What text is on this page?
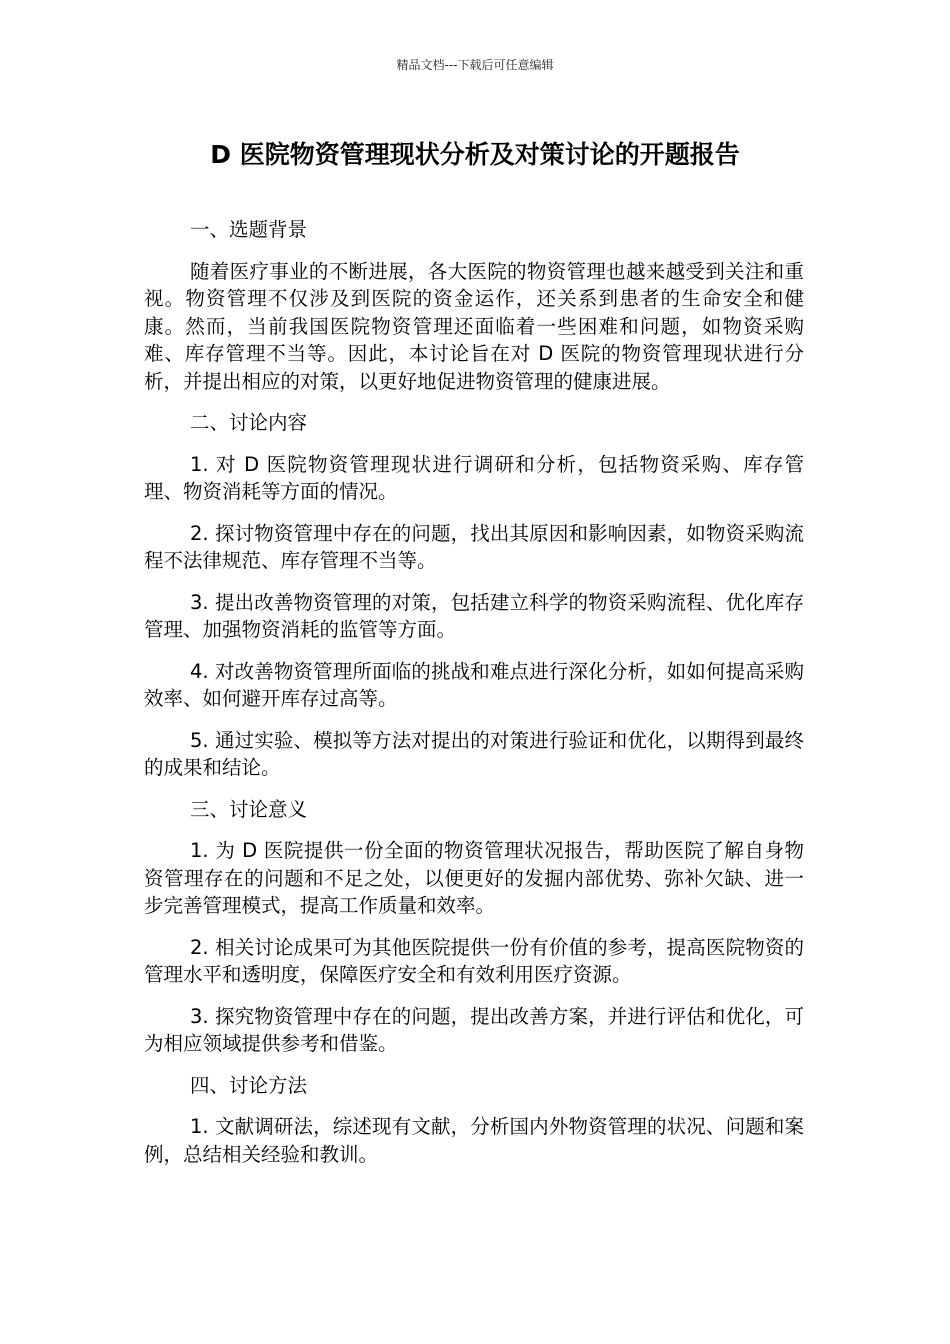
精品文档---下载后可任意编辑
D 医院物资管理现状分析及对策讨论的开题报告

一、选题背景

随着医疗事业的不断进展，各大医院的物资管理也越来越受到关注和重视。物资管理不仅涉及到医院的资金运作，还关系到患者的生命安全和健康。然而，当前我国医院物资管理还面临着一些困难和问题，如物资采购难、库存管理不当等。因此，本讨论旨在对 D 医院的物资管理现状进行分析，并提出相应的对策，以更好地促进物资管理的健康进展。

二、讨论内容

1. 对 D 医院物资管理现状进行调研和分析，包括物资采购、库存管理、物资消耗等方面的情况。

2. 探讨物资管理中存在的问题，找出其原因和影响因素，如物资采购流程不法律规范、库存管理不当等。

3. 提出改善物资管理的对策，包括建立科学的物资采购流程、优化库存管理、加强物资消耗的监管等方面。

4. 对改善物资管理所面临的挑战和难点进行深化分析，如如何提高采购效率、如何避开库存过高等。

5. 通过实验、模拟等方法对提出的对策进行验证和优化，以期得到最终的成果和结论。

三、讨论意义

1. 为 D 医院提供一份全面的物资管理状况报告，帮助医院了解自身物资管理存在的问题和不足之处，以便更好的发掘内部优势、弥补欠缺、进一步完善管理模式，提高工作质量和效率。

2. 相关讨论成果可为其他医院提供一份有价值的参考，提高医院物资的管理水平和透明度，保障医疗安全和有效利用医疗资源。

3. 探究物资管理中存在的问题，提出改善方案，并进行评估和优化，可为相应领域提供参考和借鉴。

四、讨论方法

1. 文献调研法，综述现有文献，分析国内外物资管理的状况、问题和案例，总结相关经验和教训。
